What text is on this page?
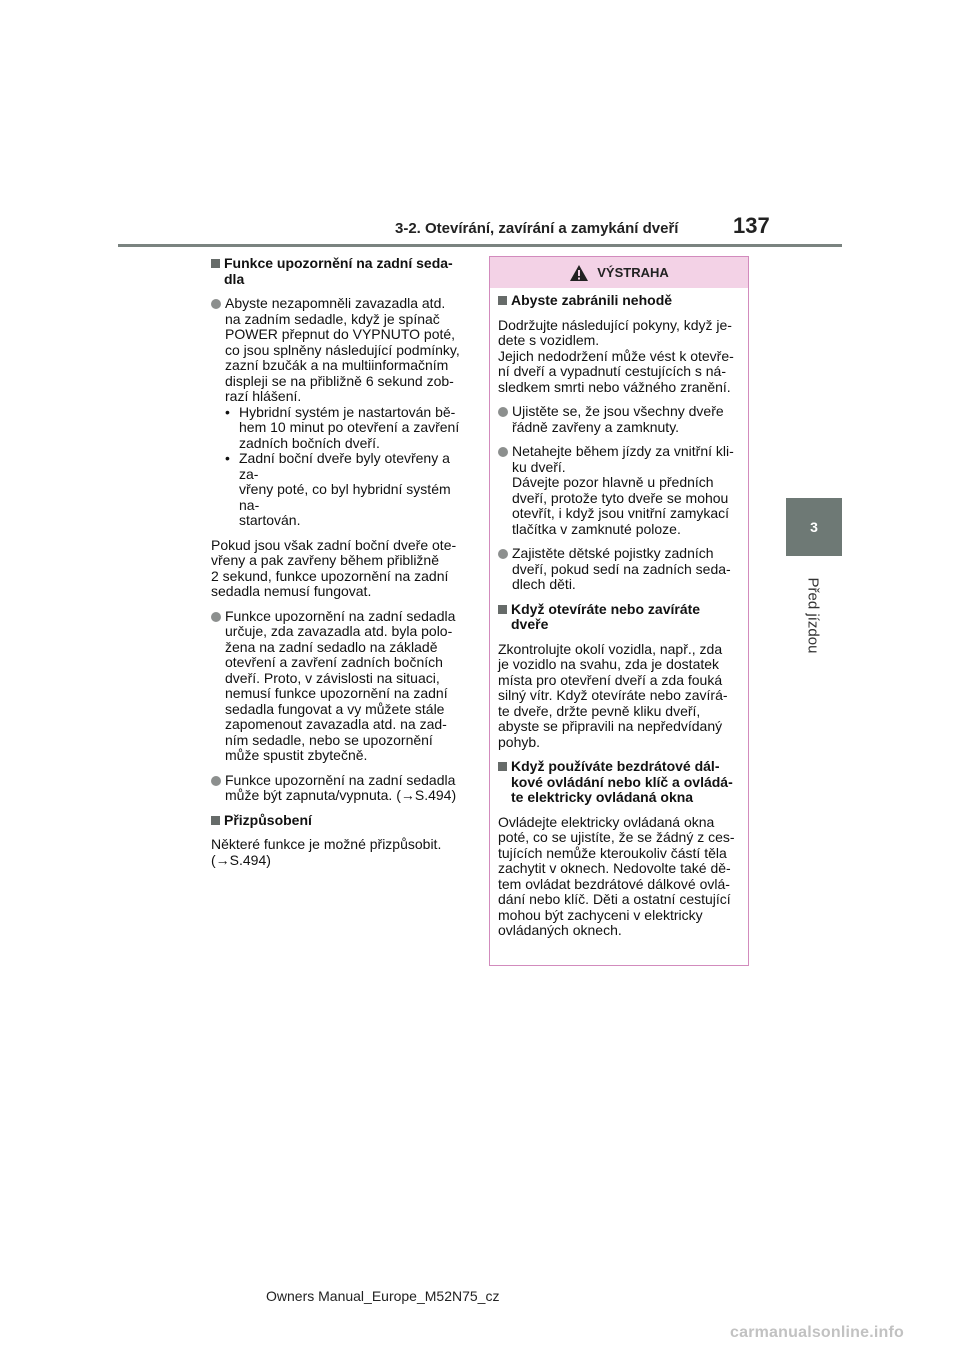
3-2. Otevírání, zavírání a zamykání dveří 137
3
Před jízdou
Funkce upozornění na zadní seda-
dla
Abyste nezapomněli zavazadla atd.
na zadním sedadle, když je spínač
POWER přepnut do VYPNUTO poté,
co jsou splněny následující podmínky,
zazní bzučák a na multiinformačním
displeji se na přibližně 6 sekund zob-
razí hlášení.
• Hybridní systém je nastartován bě-
hem 10 minut po otevření a zavření
zadních bočních dveří.
• Zadní boční dveře byly otevřeny a za-
vřeny poté, co byl hybridní systém na-
startován.
Pokud jsou však zadní boční dveře ote-
vřeny a pak zavřeny během přibližně
2 sekund, funkce upozornění na zadní
sedadla nemusí fungovat.
Funkce upozornění na zadní sedadla
určuje, zda zavazadla atd. byla polo-
žena na zadní sedadlo na základě
otevření a zavření zadních bočních
dveří. Proto, v závislosti na situaci,
nemusí funkce upozornění na zadní
sedadla fungovat a vy můžete stále
zapomenout zavazadla atd. na zad-
ním sedadle, nebo se upozornění
může spustit zbytečně.
Funkce upozornění na zadní sedadla
může být zapnuta/vypnuta. (→S.494)
Přizpůsobení
Některé funkce je možné přizpůsobit.
(→S.494)
VÝSTRAHA
Abyste zabránili nehodě
Dodržujte následující pokyny, když je-
dete s vozidlem.
Jejich nedodržení může vést k otevře-
ní dveří a vypadnutí cestujících s ná-
sledkem smrti nebo vážného zranění.
Ujistěte se, že jsou všechny dveře
řádně zavřeny a zamknuty.
Netahejte během jízdy za vnitřní kli-
ku dveří.
Dávejte pozor hlavně u předních
dveří, protože tyto dveře se mohou
otevřít, i když jsou vnitřní zamykací
tlačítka v zamknuté poloze.
Zajistěte dětské pojistky zadních
dveří, pokud sedí na zadních seda-
dlech děti.
Když otevíráte nebo zavíráte
dveře
Zkontrolujte okolí vozidla, např., zda
je vozidlo na svahu, zda je dostatek
místa pro otevření dveří a zda fouká
silný vítr. Když otevíráte nebo zavírá-
te dveře, držte pevně kliku dveří,
abyste se připravili na nepředvídaný
pohyb.
Když používáte bezdrátové dál-
kové ovládání nebo klíč a ovládá-
te elektricky ovládaná okna
Ovládejte elektricky ovládaná okna
poté, co se ujistíte, že se žádný z ces-
tujících nemůže kteroukoliv částí těla
zachytit v oknech. Nedovolte také dě-
tem ovládat bezdrátové dálkové ovlá-
dání nebo klíč. Děti a ostatní cestující
mohou být zachyceni v elektricky
ovládaných oknech.
Owners Manual_Europe_M52N75_cz
carmanualsonline.info
